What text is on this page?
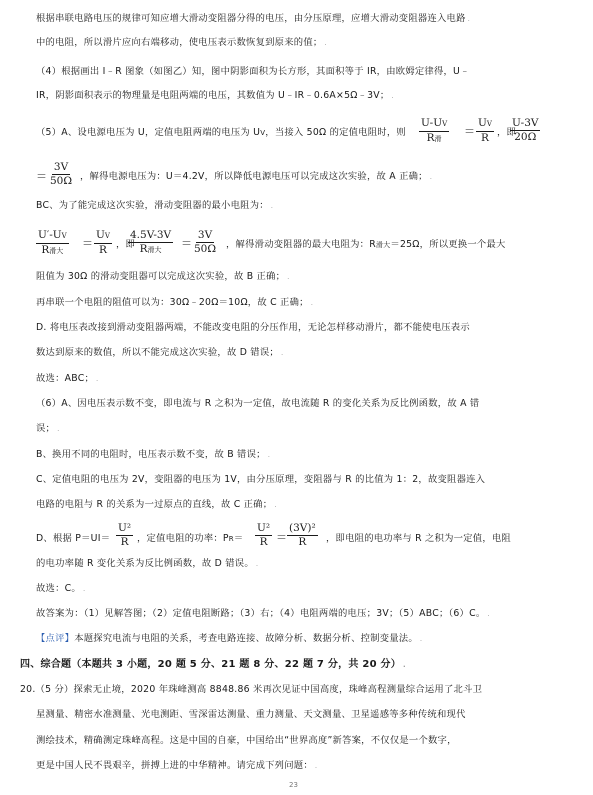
根据串联电路电压的规律可知应增大滑动变阻器分得的电压，由分压原理，应增大滑动变阻器连入电路 .
中的电阻，所以滑片应向右端移动，使电压表示数恢复到原来的值； .
（4）根据画出 I﹣R 图象（如图乙）知，图中阴影面积为长方形，其面积等于 IR，由欧姆定律得，U﹣
IR，阴影面积表示的物理量是电阻两端的电压，其数值为 U﹣IR﹣0.6A×5Ω﹣3V； .
（5）A、设电源电压为 U，定值电阻两端的电压为 UV，当接入 50Ω 的定值电阻时，则
U-UV
R滑
＝ $\frac{UV}{R}$ ，即
$\frac{U-3V}{20\Omega}$
＝ $\frac{3V}{50\Omega}$ ，解得电源电压为：U＝4.2V，所以降低电源电压可以完成这次实验，故 A 正确； .
BC、为了能完成这次实验，滑动变阻器的最小电阻为： .
U′-UV
R滑大
＝ $\frac{UV}{R}$ ，即
4.5V-3V
R滑大 ＝ $\frac{3V}{50\Omega}$ ，解得滑动变阻器的最大电阻为：R滑大＝25Ω，所以更换一个最大
阻值为 30Ω 的滑动变阻器可以完成这次实验，故 B 正确； .
再串联一个电阻的阻值可以为：30Ω﹣20Ω＝10Ω，故 C 正确； .
D. 将电压表改接到滑动变阻器两端，不能改变电阻的分压作用，无论怎样移动滑片，都不能使电压表示
数达到原来的数值，所以不能完成这次实验，故 D 错误； .
故选：ABC； .
（6）A、因电压表示数不变，即电流与 R 之积为一定值，故电流随 R 的变化关系为反比例函数，故 A 错
误； .
B、换用不同的电阻时，电压表示数不变，故 B 错误； .
C、定值电阻的电压为 2V，变阻器的电压为 1V，由分压原理，变阻器与 R 的比值为 1：2，故变阻器连入
电路的电阻与 R 的关系为一过原点的直线，故 C 正确； .
D、根据 $P=UI= \frac{\text{U²}}{R}$ ，定值电阻的功率：$PR= \frac{\text{U²}}{R} = \frac{\text{(3V)²}}{R}$ ，即电阻的电功率与 R 之积为一定值，电阻
的电功率随 R 变化关系为反比例函数，故 D 错误。 .
故选：C。 .
故答案为：（1）见解答图；（2）定值电阻断路；（3）右；（4）电阻两端的电压；3V；（5）ABC；（6）C。 .
【点评】本题探究电流与电阻的关系，考查电路连接、故障分析、数据分析、控制变量法。 .
四、综合题（本题共 3 小题，20 题 5 分、21 题 8 分、22 题 7 分，共 20 分） .
20.（5 分）探索无止境，2020 年珠峰测高 8848.86 米再次见证中国高度，珠峰高程测量综合运用了北斗卫
星测量、精密水准测量、光电测距、雪深雷达测量、重力测量、天文测量、卫星遥感等多种传统和现代
测绘技术，精确测定珠峰高程。这是中国的自豪，中国给出“世界高度”新答案，不仅仅是一个数字，
更是中国人民不畏艰辛，拼搏上进的中华精神。请完成下列问题： .
23
